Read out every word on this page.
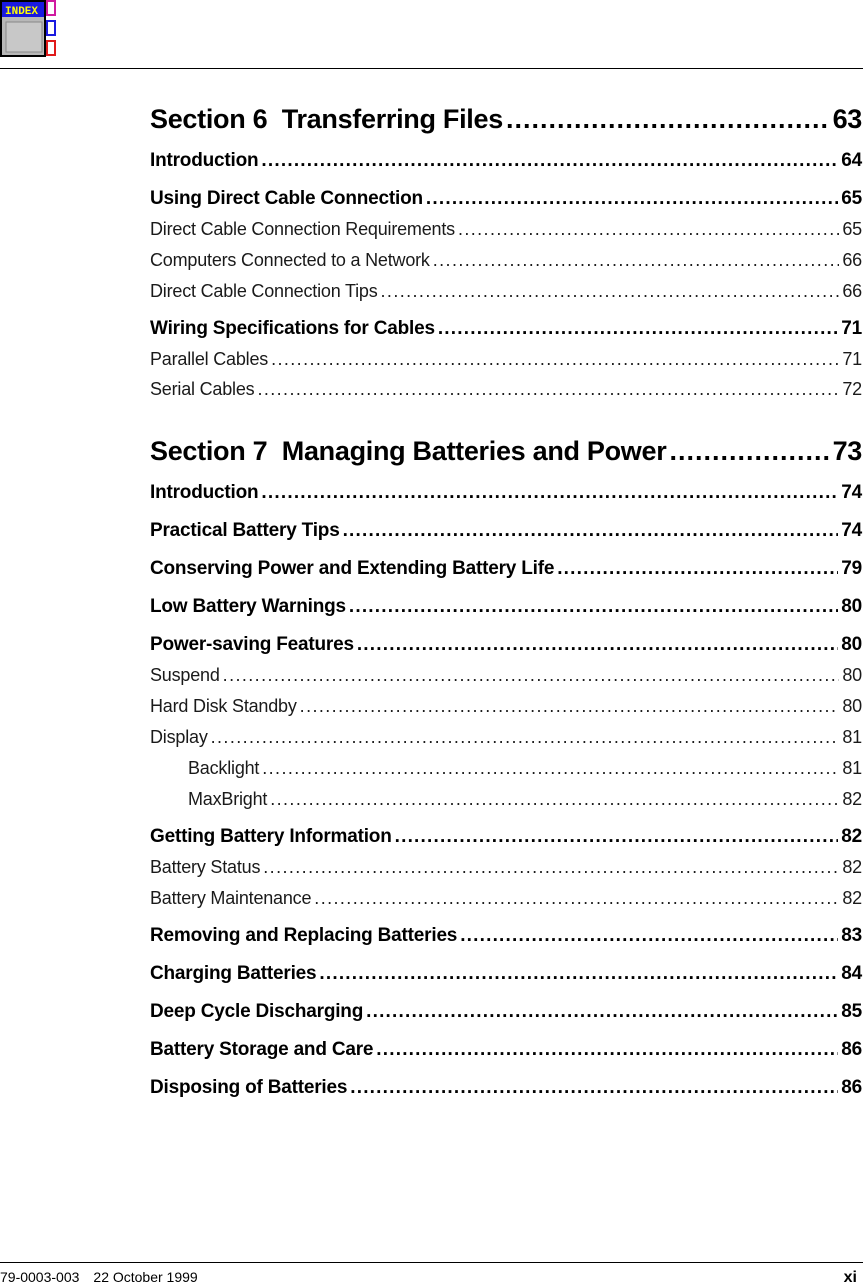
INDEX
Section 6 Transferring Files .....	63
Introduction .....	64
Using Direct Cable Connection .....	65
Direct Cable Connection Requirements .....	65
Computers Connected to a Network .....	66
Direct Cable Connection Tips .....	66
Wiring Specifications for Cables .....	71
Parallel Cables .....	71
Serial Cables .....	72
Section 7 Managing Batteries and Power .....	73
Introduction .....	74
Practical Battery Tips .....	74
Conserving Power and Extending Battery Life .....	79
Low Battery Warnings .....	80
Power-saving Features .....	80
Suspend .....	80
Hard Disk Standby .....	80
Display .....	81
Backlight .....	81
MaxBright .....	82
Getting Battery Information .....	82
Battery Status .....	82
Battery Maintenance .....	82
Removing and Replacing Batteries .....	83
Charging Batteries .....	84
Deep Cycle Discharging .....	85
Battery Storage and Care .....	86
Disposing of Batteries .....	86
79-0003-003 22 October 1999	xi
